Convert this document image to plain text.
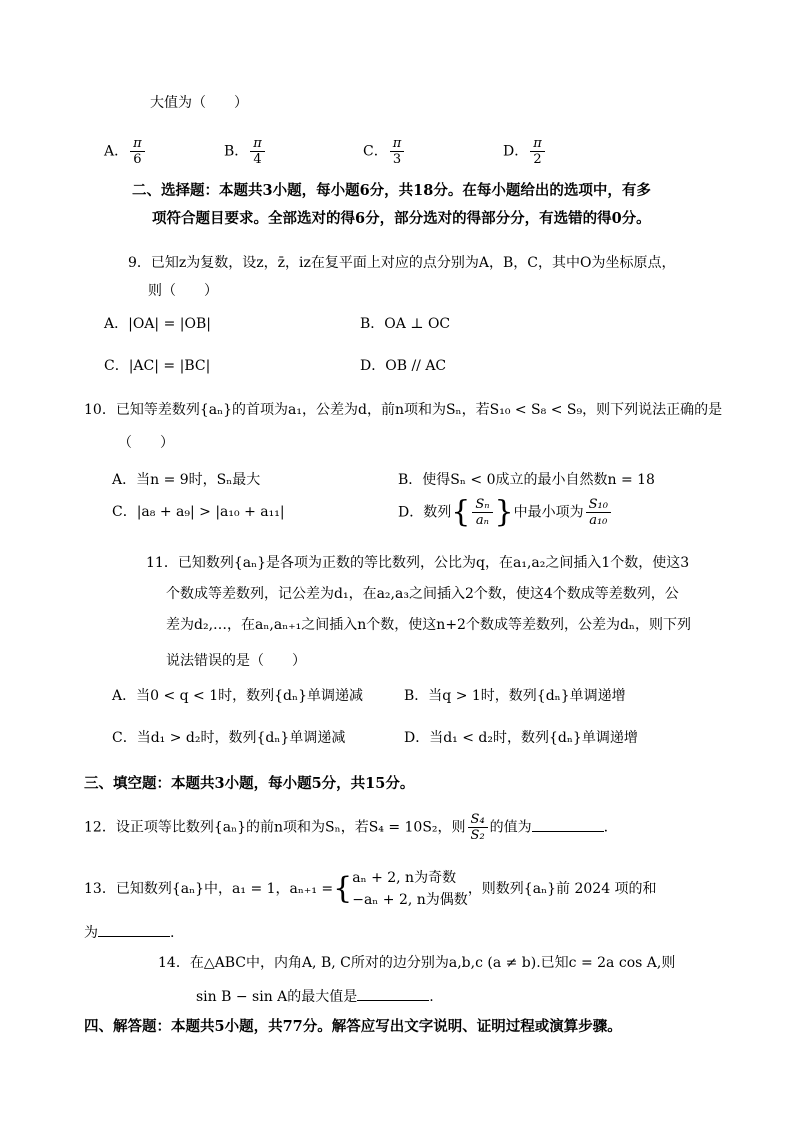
大值为（　　）
A． $\frac{\pi}{6}$	B． $\frac{\pi}{4}$	C． $\frac{\pi}{3}$	D． $\frac{\pi}{2}$
二、选择题：本题共3小题，每小题6分，共18分。在每小题给出的选项中，有多
项符合题目要求。全部选对的得6分，部分选对的得部分分，有选错的得0分。
9．已知z为复数，设z，z̄，iz在复平面上对应的点分别为A，B，C，其中O为坐标原点，
则（　　）
A．|OA| = |OB|	B．OA ⊥ OC
C．|AC| = |BC|	D．OB // AC
10．已知等差数列{aₙ}的首项为a₁，公差为d，前n项和为Sₙ，若S₁₀ < S₈ < S₉，则下列说法正确的是
（　　）
A．当n = 9时，Sₙ最大	B．使得Sₙ < 0成立的最小自然数n = 18
C．|a₈ + a₉| > |a₁₀ + a₁₁|	D．数列{ $\frac{\text{Sₙ}}{\text{aₙ}}$ }中最小项为 $\frac{\text{S₁₀}}{\text{a₁₀}}$
11．已知数列{aₙ}是各项为正数的等比数列，公比为q，在a₁,a₂之间插入1个数，使这3
个数成等差数列，记公差为d₁，在a₂,a₃之间插入2个数，使这4个数成等差数列，公
差为d₂,…，在aₙ,aₙ₊₁之间插入n个数，使这n+2个数成等差数列，公差为dₙ，则下列
说法错误的是（　　）
A．当0 < q < 1时，数列{dₙ}单调递减	B．当q > 1时，数列{dₙ}单调递增
C．当d₁ > d₂时，数列{dₙ}单调递减	D．当d₁ < d₂时，数列{dₙ}单调递增
三、填空题：本题共3小题，每小题5分，共15分。
12．设正项等比数列{aₙ}的前n项和为Sₙ，若S₄ = 10S₂，则 $\frac{\text{S₄}}{\text{S₂}}$ 的值为	.
13．已知数列{aₙ}中，a₁ = 1，aₙ₊₁ ={ aₙ + 2, n为奇数
−aₙ + 2, n为偶数
，则数列{aₙ}前 2024 项的和
为	.
14．在△ABC中，内角A, B, C所对的边分别为a,b,c (a ≠ b).已知c = 2a cos A,则
sin B − sin A的最大值是	.
四、解答题：本题共5小题，共77分。解答应写出文字说明、证明过程或演算步骤。
